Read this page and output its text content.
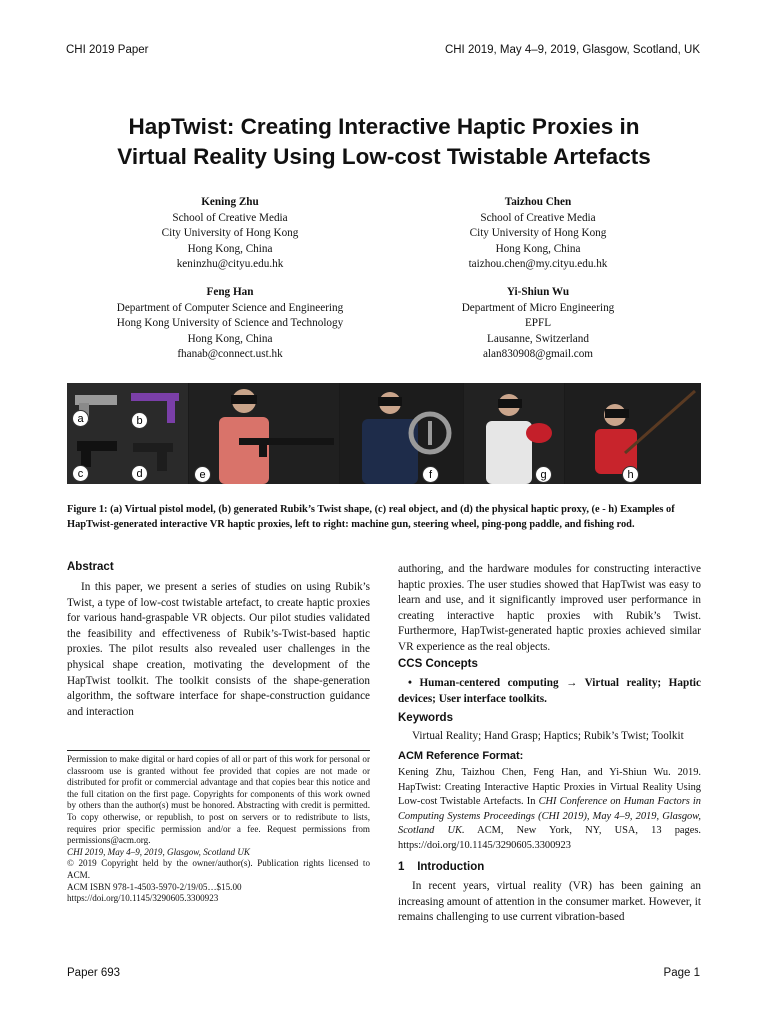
CHI 2019 Paper	CHI 2019, May 4–9, 2019, Glasgow, Scotland, UK
HapTwist: Creating Interactive Haptic Proxies in
Virtual Reality Using Low-cost Twistable Artefacts
Kening Zhu
School of Creative Media
City University of Hong Kong
Hong Kong, China
keninzhu@cityu.edu.hk
Taizhou Chen
School of Creative Media
City University of Hong Kong
Hong Kong, China
taizhou.chen@my.cityu.edu.hk
Feng Han
Department of Computer Science and Engineering
Hong Kong University of Science and Technology
Hong Kong, China
fhanab@connect.ust.hk
Yi-Shiun Wu
Department of Micro Engineering
EPFL
Lausanne, Switzerland
alan830908@gmail.com
a	b
c	d	e	f	g	h

Figure 1: (a) Virtual pistol model, (b) generated Rubik’s Twist shape, (c) real object, and (d) the physical haptic proxy, (e - h) Examples of HapTwist-generated interactive VR haptic proxies, left to right: machine gun, steering wheel, ping-pong paddle, and fishing rod.

Abstract

In this paper, we present a series of studies on using Rubik’s Twist, a type of low-cost twistable artefact, to create haptic proxies for various hand-graspable VR objects. Our pilot studies validated the feasibility and effectiveness of Rubik’s-Twist-based haptic proxies. The pilot results also revealed user challenges in the physical shape creation, motivating the development of the HapTwist toolkit. The toolkit consists of the shape-generation algorithm, the software interface for shape-construction guidance and interaction

Permission to make digital or hard copies of all or part of this work for personal or classroom use is granted without fee provided that copies are not made or distributed for profit or commercial advantage and that copies bear this notice and the full citation on the first page. Copyrights for components of this work owned by others than the author(s) must be honored. Abstracting with credit is permitted. To copy otherwise, or republish, to post on servers or to redistribute to lists, requires prior specific permission and/or a fee. Request permissions from permissions@acm.org.

CHI 2019, May 4–9, 2019, Glasgow, Scotland UK

© 2019 Copyright held by the owner/author(s). Publication rights licensed to ACM.

ACM ISBN 978-1-4503-5970-2/19/05…$15.00

https://doi.org/10.1145/3290605.3300923

authoring, and the hardware modules for constructing interactive haptic proxies. The user studies showed that HapTwist was easy to learn and use, and it significantly improved user performance in creating interactive haptic proxies with Rubik’s Twist. Furthermore, HapTwist-generated haptic proxies achieved similar VR experience as the real objects.

CCS Concepts

• Human-centered computing → Virtual reality; Haptic devices; User interface toolkits.

Keywords

Virtual Reality; Hand Grasp; Haptics; Rubik’s Twist; Toolkit

ACM Reference Format:

Kening Zhu, Taizhou Chen, Feng Han, and Yi-Shiun Wu. 2019. HapTwist: Creating Interactive Haptic Proxies in Virtual Reality Using Low-cost Twistable Artefacts. In CHI Conference on Human Factors in Computing Systems Proceedings (CHI 2019), May 4–9, 2019, Glasgow, Scotland UK. ACM, New York, NY, USA, 13 pages. https://doi.org/10.1145/3290605.3300923

1 Introduction

In recent years, virtual reality (VR) has been gaining an increasing amount of attention in the consumer market. However, it remains challenging to use current vibration-based

Paper 693	Page 1
